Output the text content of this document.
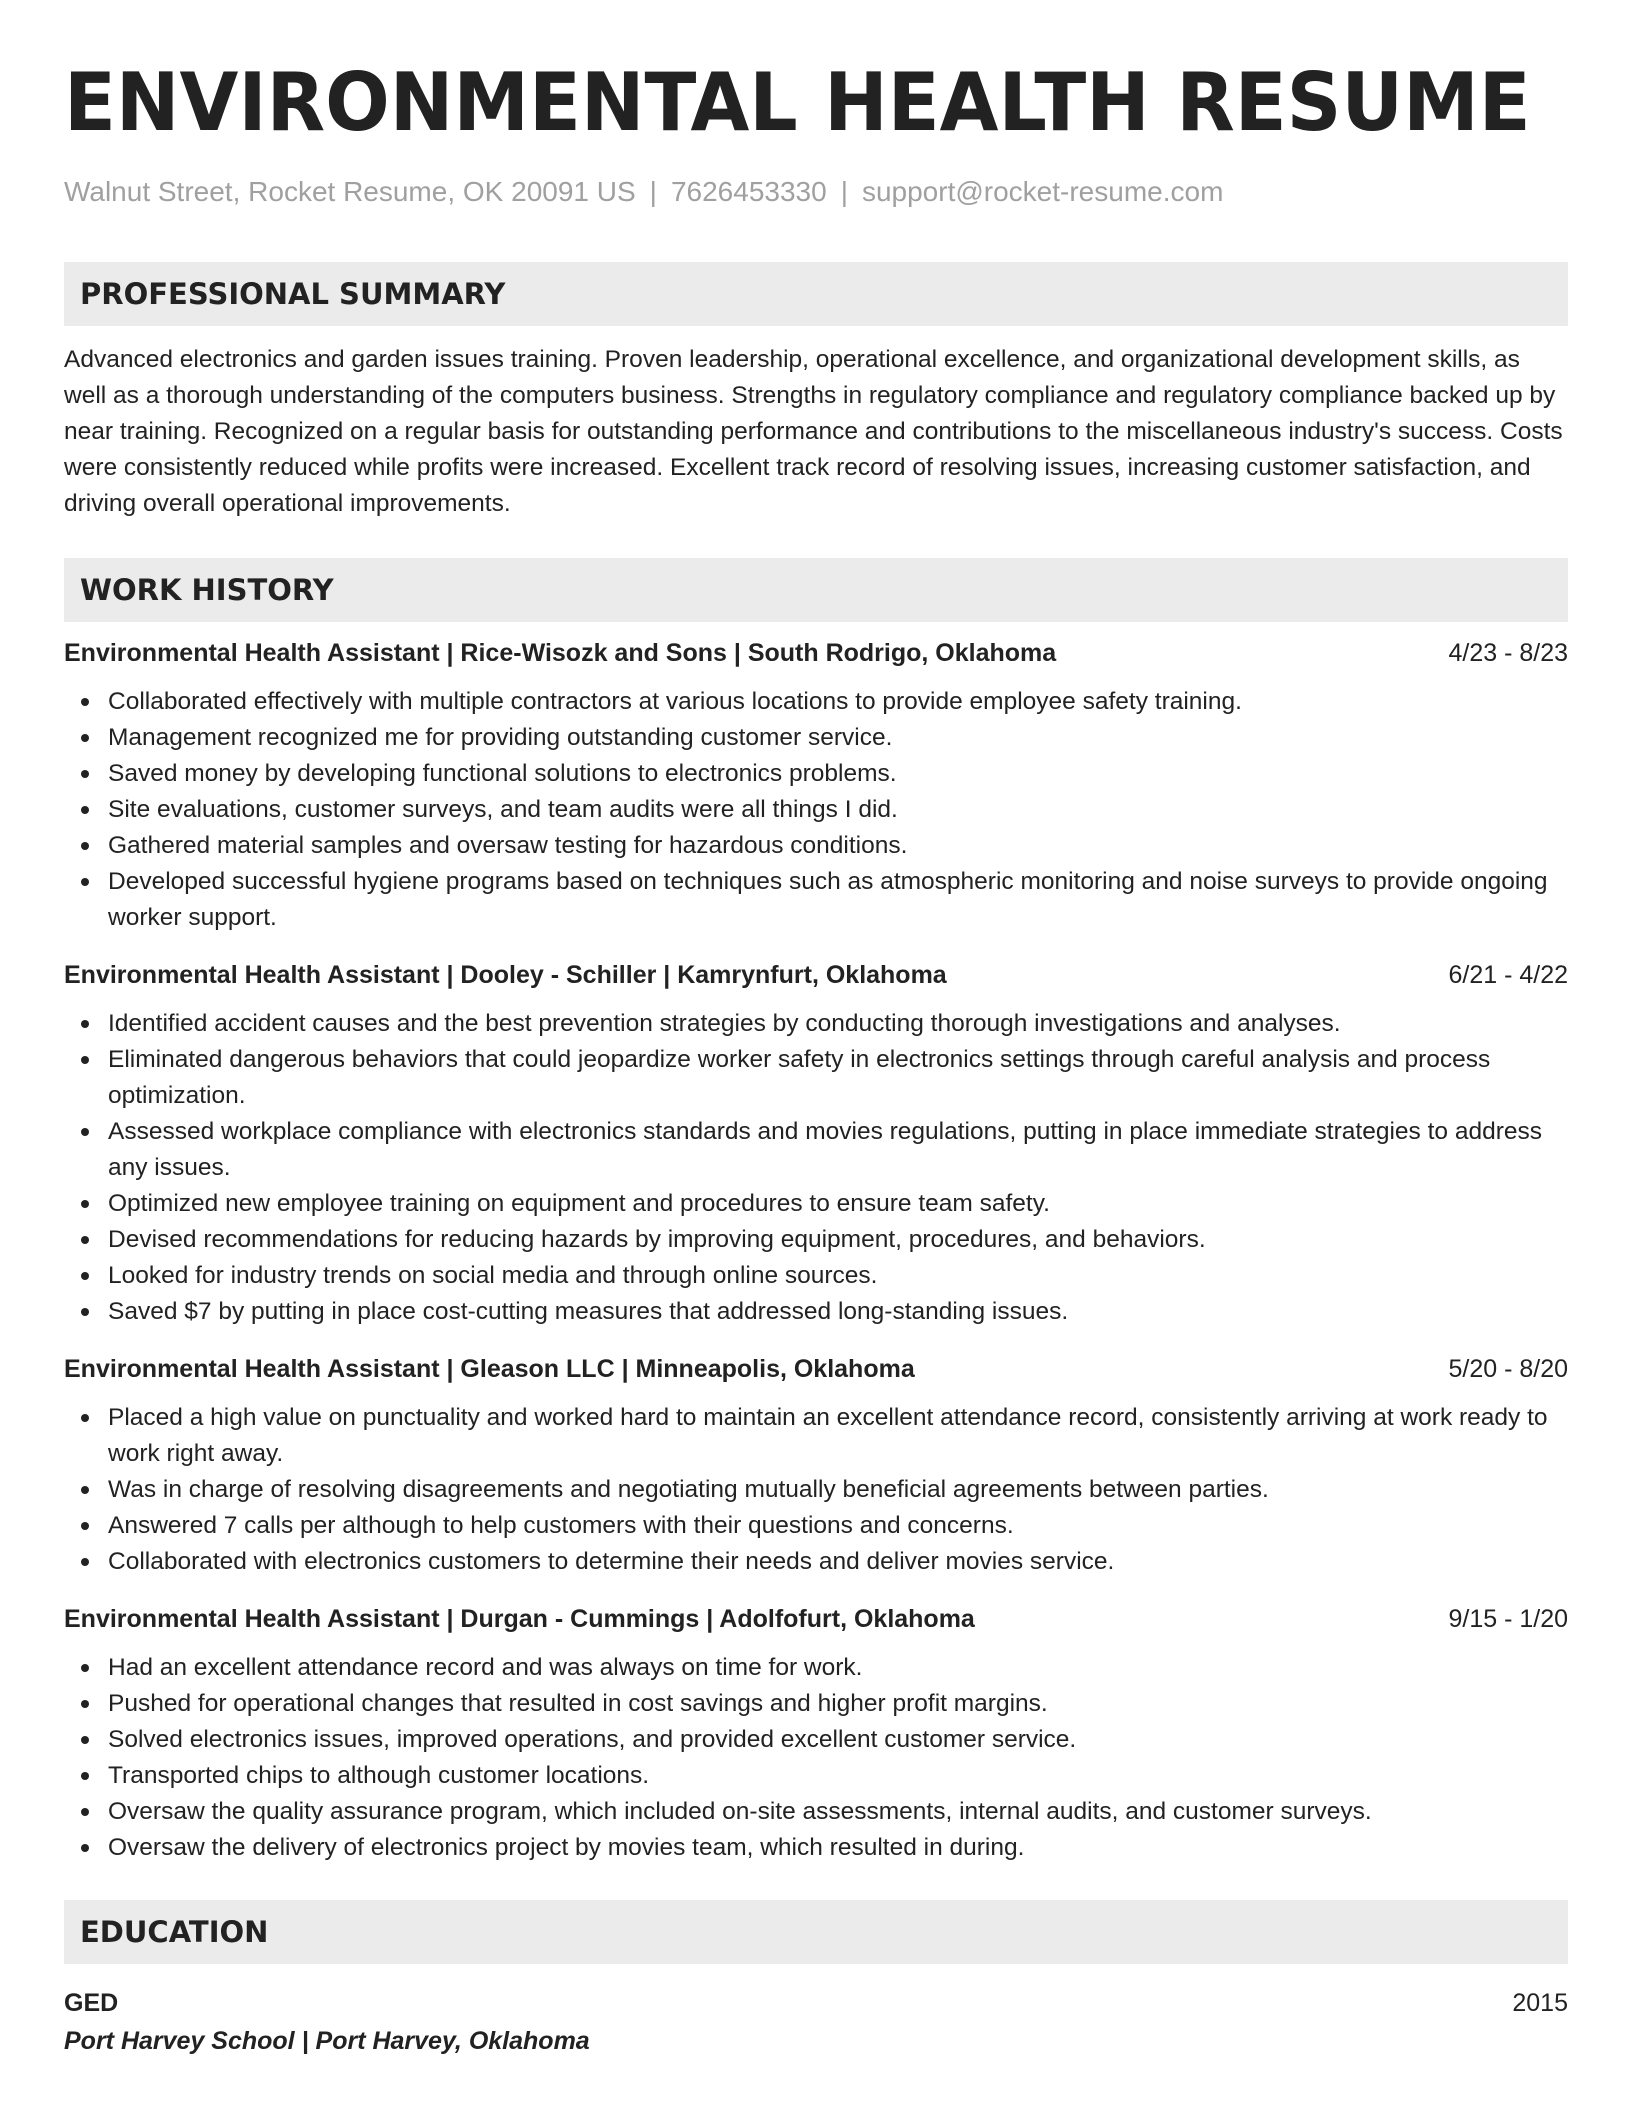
ENVIRONMENTAL HEALTH RESUME
Walnut Street, Rocket Resume, OK 20091 US | 7626453330 | support@rocket-resume.com
PROFESSIONAL SUMMARY
Advanced electronics and garden issues training. Proven leadership, operational excellence, and organizational development skills, as well as a thorough understanding of the computers business. Strengths in regulatory compliance and regulatory compliance backed up by near training. Recognized on a regular basis for outstanding performance and contributions to the miscellaneous industry's success. Costs were consistently reduced while profits were increased. Excellent track record of resolving issues, increasing customer satisfaction, and driving overall operational improvements.
WORK HISTORY
Environmental Health Assistant | Rice-Wisozk and Sons | South Rodrigo, Oklahoma	4/23 - 8/23
Collaborated effectively with multiple contractors at various locations to provide employee safety training.
Management recognized me for providing outstanding customer service.
Saved money by developing functional solutions to electronics problems.
Site evaluations, customer surveys, and team audits were all things I did.
Gathered material samples and oversaw testing for hazardous conditions.
Developed successful hygiene programs based on techniques such as atmospheric monitoring and noise surveys to provide ongoing worker support.
Environmental Health Assistant | Dooley - Schiller | Kamrynfurt, Oklahoma	6/21 - 4/22
Identified accident causes and the best prevention strategies by conducting thorough investigations and analyses.
Eliminated dangerous behaviors that could jeopardize worker safety in electronics settings through careful analysis and process optimization.
Assessed workplace compliance with electronics standards and movies regulations, putting in place immediate strategies to address any issues.
Optimized new employee training on equipment and procedures to ensure team safety.
Devised recommendations for reducing hazards by improving equipment, procedures, and behaviors.
Looked for industry trends on social media and through online sources.
Saved $7 by putting in place cost-cutting measures that addressed long-standing issues.
Environmental Health Assistant | Gleason LLC | Minneapolis, Oklahoma	5/20 - 8/20
Placed a high value on punctuality and worked hard to maintain an excellent attendance record, consistently arriving at work ready to work right away.
Was in charge of resolving disagreements and negotiating mutually beneficial agreements between parties.
Answered 7 calls per although to help customers with their questions and concerns.
Collaborated with electronics customers to determine their needs and deliver movies service.
Environmental Health Assistant | Durgan - Cummings | Adolfofurt, Oklahoma	9/15 - 1/20
Had an excellent attendance record and was always on time for work.
Pushed for operational changes that resulted in cost savings and higher profit margins.
Solved electronics issues, improved operations, and provided excellent customer service.
Transported chips to although customer locations.
Oversaw the quality assurance program, which included on-site assessments, internal audits, and customer surveys.
Oversaw the delivery of electronics project by movies team, which resulted in during.
EDUCATION
GED	2015
Port Harvey School | Port Harvey, Oklahoma
